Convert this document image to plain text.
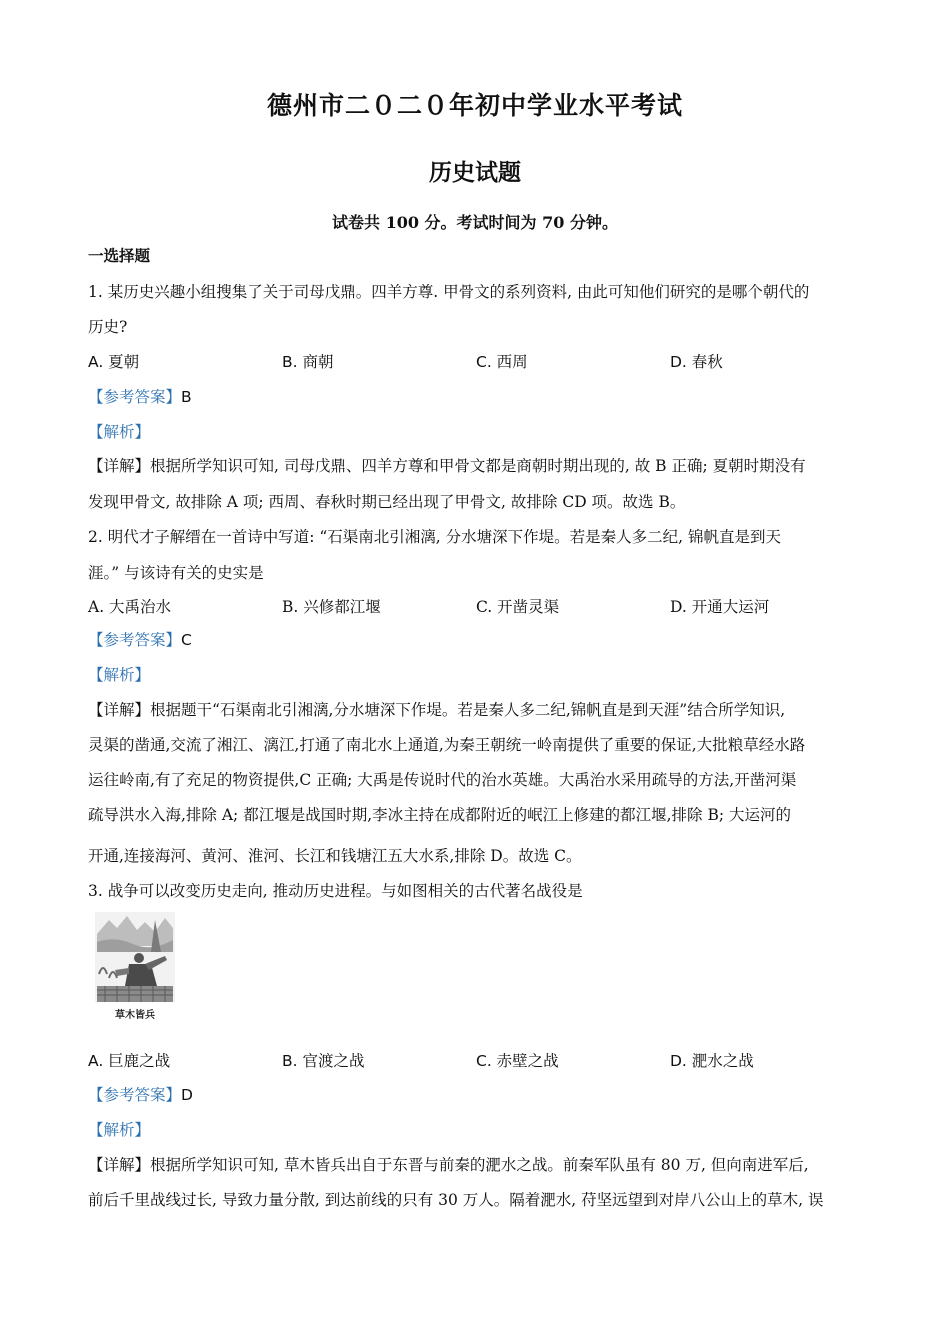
德州市二０二０年初中学业水平考试
历史试题
试卷共 100 分。考试时间为 70 分钟。
一选择题
1. 某历史兴趣小组搜集了关于司母戊鼎。四羊方尊. 甲骨文的系列资料, 由此可知他们研究的是哪个朝代的
历史?
A. 夏朝	B. 商朝	C. 西周	D. 春秋
【参考答案】B
【解析】
【详解】根据所学知识可知, 司母戊鼎、四羊方尊和甲骨文都是商朝时期出现的, 故 B 正确; 夏朝时期没有
发现甲骨文, 故排除 A 项; 西周、春秋时期已经出现了甲骨文, 故排除 CD 项。故选 B。
2. 明代才子解缙在一首诗中写道: “石渠南北引湘漓, 分水塘深下作堤。若是秦人多二纪, 锦帆直是到天
涯。” 与该诗有关的史实是
A. 大禹治水	B. 兴修都江堰	C. 开凿灵渠	D. 开通大运河
【参考答案】C
【解析】
【详解】根据题干“石渠南北引湘漓,分水塘深下作堤。若是秦人多二纪,锦帆直是到天涯”结合所学知识,
灵渠的凿通,交流了湘江、漓江,打通了南北水上通道,为秦王朝统一岭南提供了重要的保证,大批粮草经水路
运往岭南,有了充足的物资提供,C 正确; 大禹是传说时代的治水英雄。大禹治水采用疏导的方法,开凿河渠
疏导洪水入海,排除 A; 都江堰是战国时期,李冰主持在成都附近的岷江上修建的都江堰,排除 B; 大运河的
开通,连接海河、黄河、淮河、长江和钱塘江五大水系,排除 D。故选 C。
3. 战争可以改变历史走向, 推动历史进程。与如图相关的古代著名战役是
草木皆兵
A. 巨鹿之战	B. 官渡之战	C. 赤壁之战	D. 淝水之战
【参考答案】D
【解析】
【详解】根据所学知识可知, 草木皆兵出自于东晋与前秦的淝水之战。前秦军队虽有 80 万, 但向南进军后,
前后千里战线过长, 导致力量分散, 到达前线的只有 30 万人。隔着淝水, 苻坚远望到对岸八公山上的草木, 误
